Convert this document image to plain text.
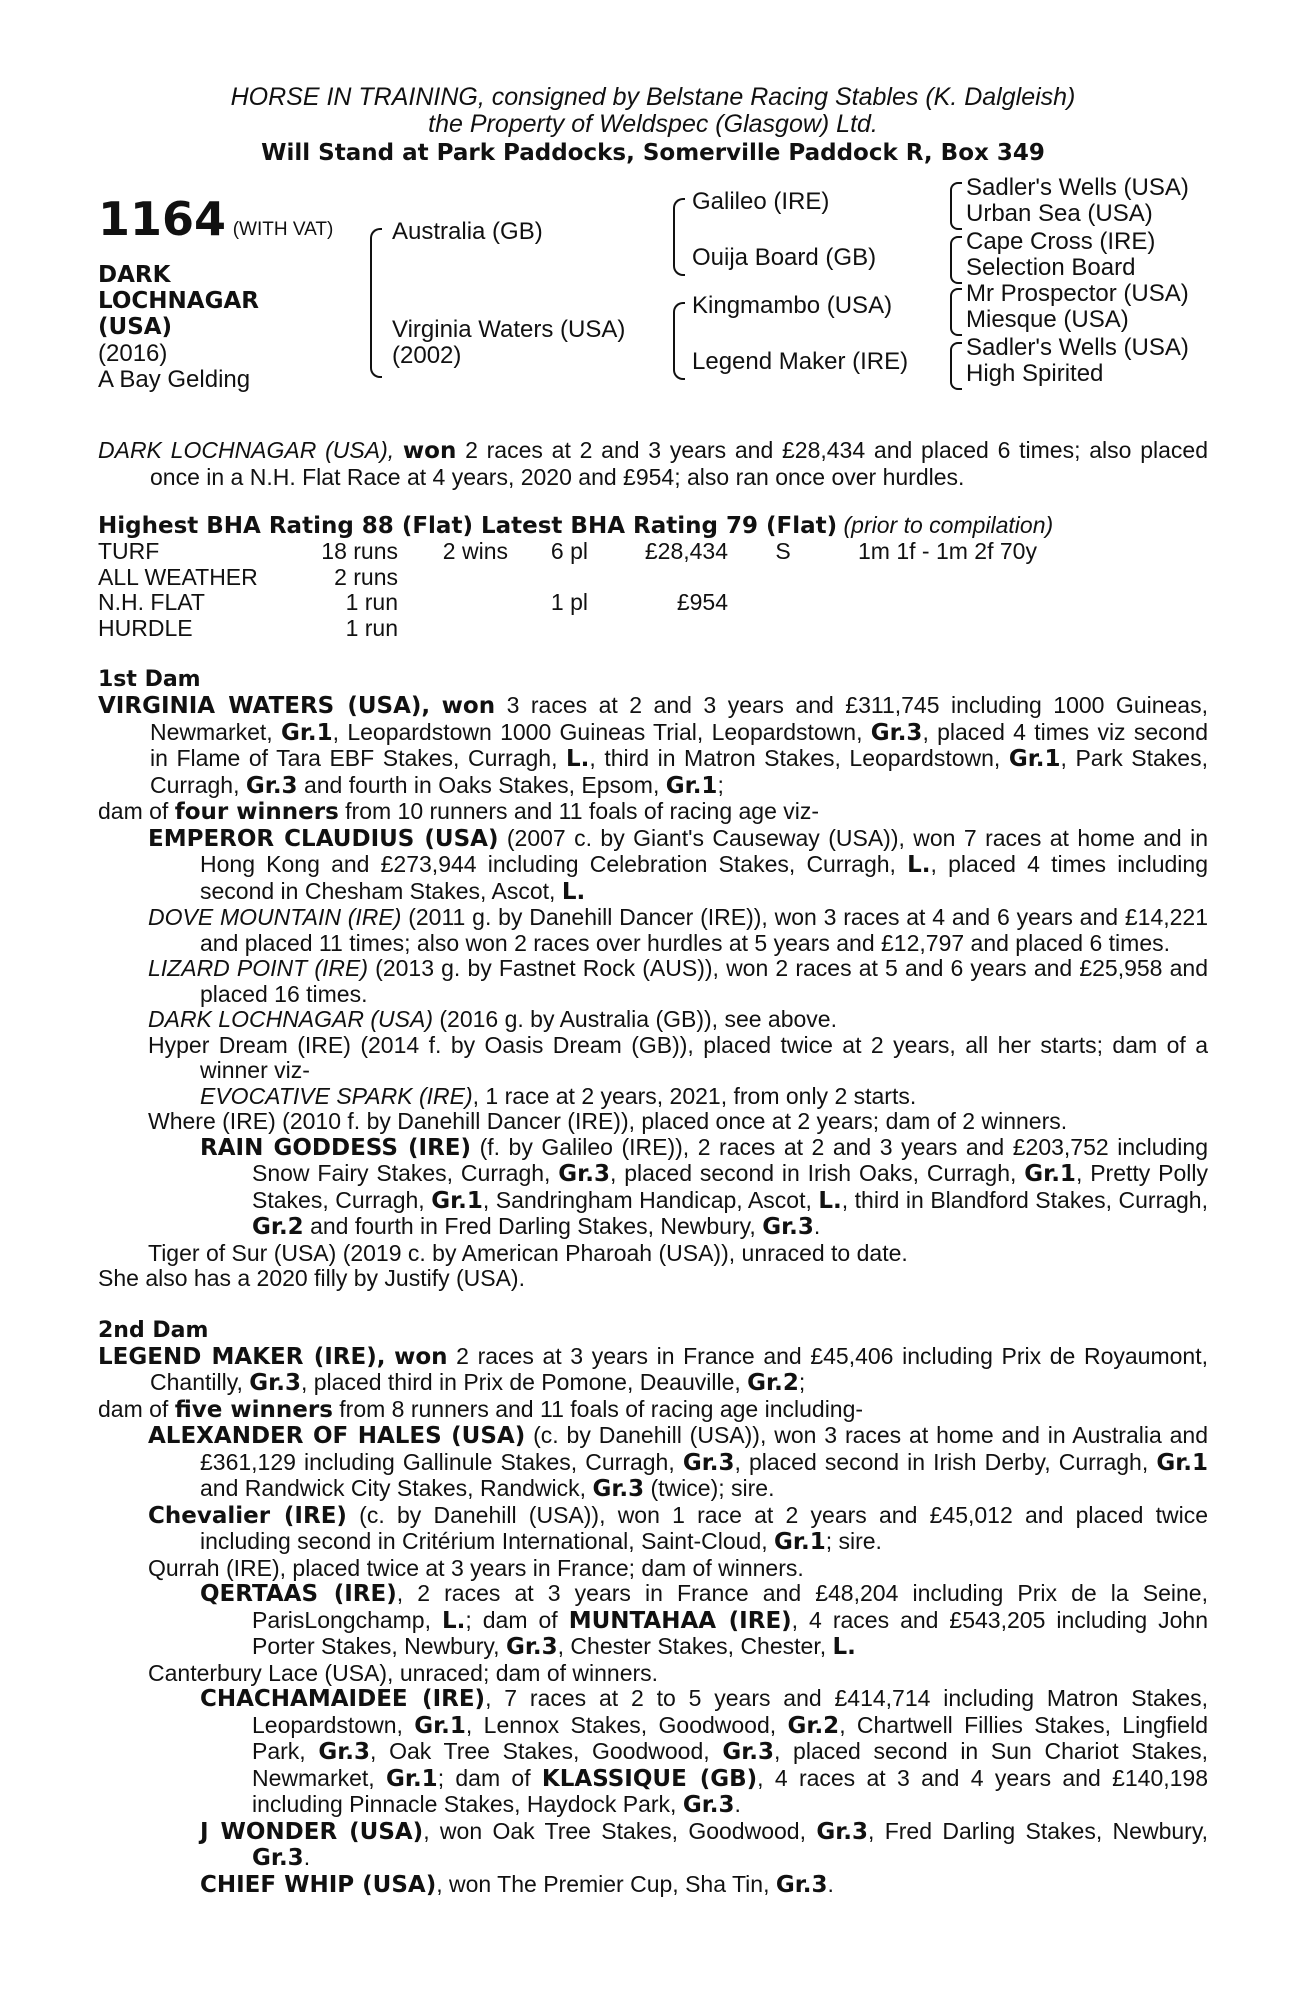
HORSE IN TRAINING, consigned by Belstane Racing Stables (K. Dalgleish)
the Property of Weldspec (Glasgow) Ltd.
Will Stand at Park Paddocks, Somerville Paddock R, Box 349
1164 (WITH VAT)
DARK
LOCHNAGAR
(USA)
(2016)
A Bay Gelding
Australia (GB)
Virginia Waters (USA)
(2002)
Galileo (IRE)
Ouija Board (GB)
Kingmambo (USA)
Legend Maker (IRE)
Sadler's Wells (USA)
Urban Sea (USA)
Cape Cross (IRE)
Selection Board
Mr Prospector (USA)
Miesque (USA)
Sadler's Wells (USA)
High Spirited
DARK LOCHNAGAR (USA), won 2 races at 2 and 3 years and £28,434 and placed 6 times; also placed once in a N.H. Flat Race at 4 years, 2020 and £954; also ran once over hurdles.
Highest BHA Rating 88 (Flat) Latest BHA Rating 79 (Flat) (prior to compilation)
TURF	18 runs	2 wins	6 pl	£28,434	S	1m 1f - 1m 2f 70y
ALL WEATHER	2 runs					
N.H. FLAT	1 run		1 pl	£954		
HURDLE	1 run					
1st Dam
VIRGINIA WATERS (USA), won 3 races at 2 and 3 years and £311,745 including 1000 Guineas, Newmarket, Gr.1, Leopardstown 1000 Guineas Trial, Leopardstown, Gr.3, placed 4 times viz second in Flame of Tara EBF Stakes, Curragh, L., third in Matron Stakes, Leopardstown, Gr.1, Park Stakes, Curragh, Gr.3 and fourth in Oaks Stakes, Epsom, Gr.1;
dam of four winners from 10 runners and 11 foals of racing age viz-
EMPEROR CLAUDIUS (USA) (2007 c. by Giant's Causeway (USA)), won 7 races at home and in Hong Kong and £273,944 including Celebration Stakes, Curragh, L., placed 4 times including second in Chesham Stakes, Ascot, L.
DOVE MOUNTAIN (IRE) (2011 g. by Danehill Dancer (IRE)), won 3 races at 4 and 6 years and £14,221 and placed 11 times; also won 2 races over hurdles at 5 years and £12,797 and placed 6 times.
LIZARD POINT (IRE) (2013 g. by Fastnet Rock (AUS)), won 2 races at 5 and 6 years and £25,958 and placed 16 times.
DARK LOCHNAGAR (USA) (2016 g. by Australia (GB)), see above.
Hyper Dream (IRE) (2014 f. by Oasis Dream (GB)), placed twice at 2 years, all her starts; dam of a winner viz-
EVOCATIVE SPARK (IRE), 1 race at 2 years, 2021, from only 2 starts.
Where (IRE) (2010 f. by Danehill Dancer (IRE)), placed once at 2 years; dam of 2 winners.
RAIN GODDESS (IRE) (f. by Galileo (IRE)), 2 races at 2 and 3 years and £203,752 including Snow Fairy Stakes, Curragh, Gr.3, placed second in Irish Oaks, Curragh, Gr.1, Pretty Polly Stakes, Curragh, Gr.1, Sandringham Handicap, Ascot, L., third in Blandford Stakes, Curragh, Gr.2 and fourth in Fred Darling Stakes, Newbury, Gr.3.
Tiger of Sur (USA) (2019 c. by American Pharoah (USA)), unraced to date.
She also has a 2020 filly by Justify (USA).
2nd Dam
LEGEND MAKER (IRE), won 2 races at 3 years in France and £45,406 including Prix de Royaumont, Chantilly, Gr.3, placed third in Prix de Pomone, Deauville, Gr.2;
dam of five winners from 8 runners and 11 foals of racing age including-
ALEXANDER OF HALES (USA) (c. by Danehill (USA)), won 3 races at home and in Australia and £361,129 including Gallinule Stakes, Curragh, Gr.3, placed second in Irish Derby, Curragh, Gr.1 and Randwick City Stakes, Randwick, Gr.3 (twice); sire.
Chevalier (IRE) (c. by Danehill (USA)), won 1 race at 2 years and £45,012 and placed twice including second in Critérium International, Saint-Cloud, Gr.1; sire.
Qurrah (IRE), placed twice at 3 years in France; dam of winners.
QERTAAS (IRE), 2 races at 3 years in France and £48,204 including Prix de la Seine, ParisLongchamp, L.; dam of MUNTAHAA (IRE), 4 races and £543,205 including John Porter Stakes, Newbury, Gr.3, Chester Stakes, Chester, L.
Canterbury Lace (USA), unraced; dam of winners.
CHACHAMAIDEE (IRE), 7 races at 2 to 5 years and £414,714 including Matron Stakes, Leopardstown, Gr.1, Lennox Stakes, Goodwood, Gr.2, Chartwell Fillies Stakes, Lingfield Park, Gr.3, Oak Tree Stakes, Goodwood, Gr.3, placed second in Sun Chariot Stakes, Newmarket, Gr.1; dam of KLASSIQUE (GB), 4 races at 3 and 4 years and £140,198 including Pinnacle Stakes, Haydock Park, Gr.3.
J WONDER (USA), won Oak Tree Stakes, Goodwood, Gr.3, Fred Darling Stakes, Newbury, Gr.3.
CHIEF WHIP (USA), won The Premier Cup, Sha Tin, Gr.3.
